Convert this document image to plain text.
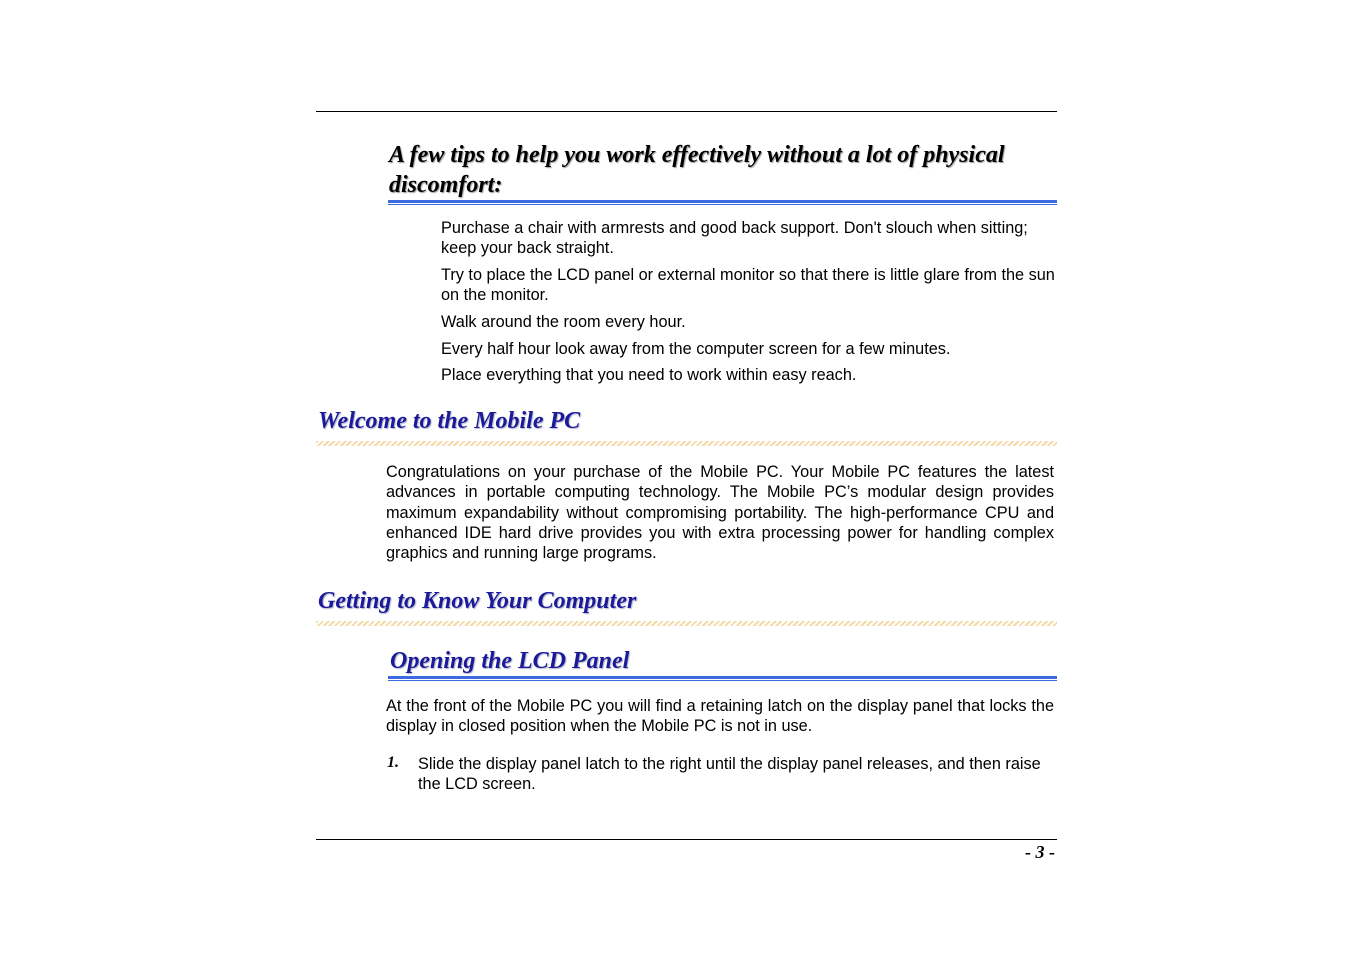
A few tips to help you work effectively without a lot of physical discomfort:
Purchase a chair with armrests and good back support. Don't slouch when sitting; keep your back straight.
Try to place the LCD panel or external monitor so that there is little glare from the sun on the monitor.
Walk around the room every hour.
Every half hour look away from the computer screen for a few minutes.
Place everything that you need to work within easy reach.
Welcome to the Mobile PC
Congratulations on your purchase of the Mobile PC. Your Mobile PC features the latest advances in portable computing technology. The Mobile PC’s modular design provides maximum expandability without compromising portability. The high-performance CPU and enhanced IDE hard drive provides you with extra processing power for handling complex graphics and running large programs.
Getting to Know Your Computer
Opening the LCD Panel
At the front of the Mobile PC you will find a retaining latch on the display panel that locks the display in closed position when the Mobile PC is not in use.
1. Slide the display panel latch to the right until the display panel releases, and then raise the LCD screen.
- 3 -
